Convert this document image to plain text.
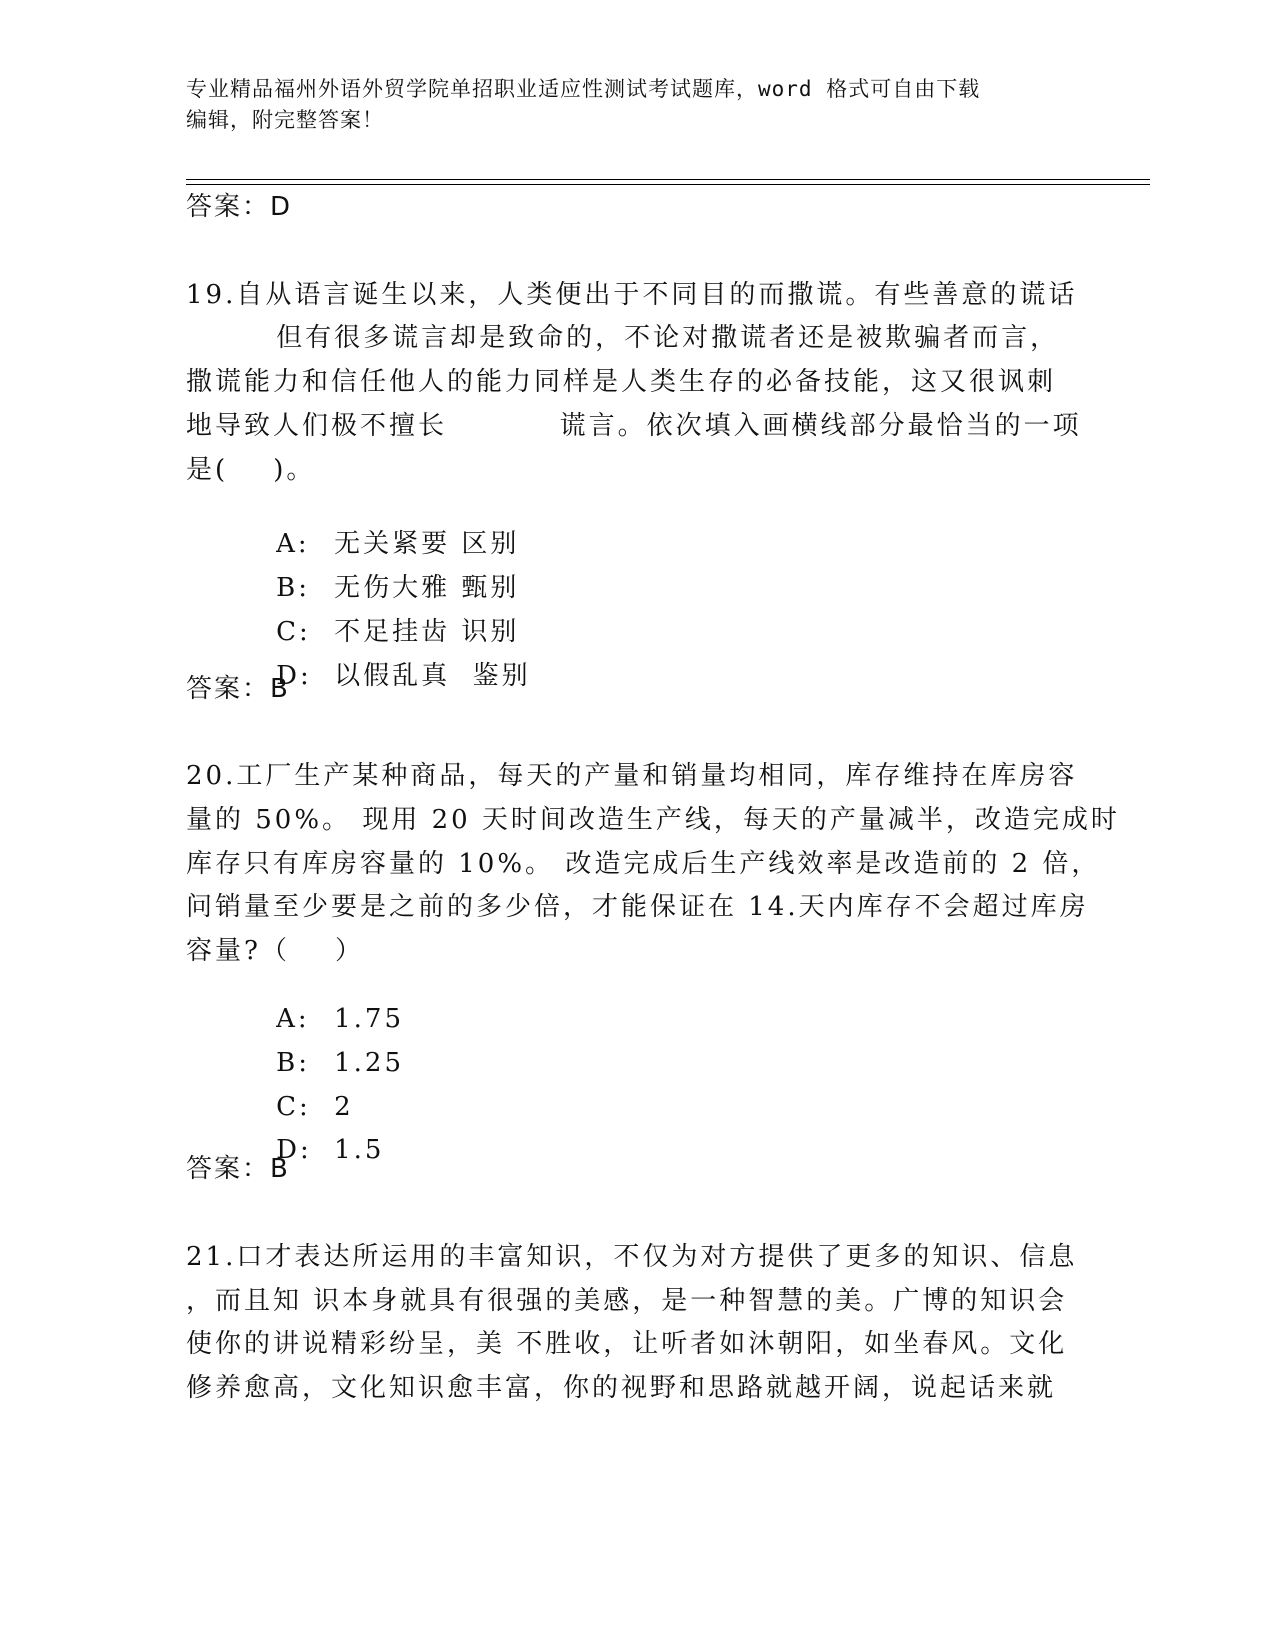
专业精品福州外语外贸学院单招职业适应性测试考试题库，word 格式可自由下载
编辑，附完整答案！
答案：D
19.自从语言诞生以来，人类便出于不同目的而撒谎。有些善意的谎话
但有很多谎言却是致命的，不论对撒谎者还是被欺骗者而言，
撒谎能力和信任他人的能力同样是人类生存的必备技能，这又很讽刺
地导致人们极不擅长          谎言。依次填入画横线部分最恰当的一项
是(    )。

A: 无关紧要 区别

B: 无伤大雅 甄别

C: 不足挂齿 识别

D: 以假乱真  鉴别

答案：B
20.工厂生产某种商品，每天的产量和销量均相同，库存维持在库房容
量的 50%。 现用 20 天时间改造生产线，每天的产量减半，改造完成时
库存只有库房容量的 10%。 改造完成后生产线效率是改造前的 2 倍，
问销量至少要是之前的多少倍，才能保证在 14.天内库存不会超过库房
容量?（    ）

A: 1.75

B: 1.25

C: 2

D: 1.5

答案：B
21.口才表达所运用的丰富知识，不仅为对方提供了更多的知识、信息
，而且知 识本身就具有很强的美感，是一种智慧的美。广博的知识会
使你的讲说精彩纷呈，美 不胜收，让听者如沐朝阳，如坐春风。文化
修养愈高，文化知识愈丰富，你的视野和思路就越开阔，说起话来就
